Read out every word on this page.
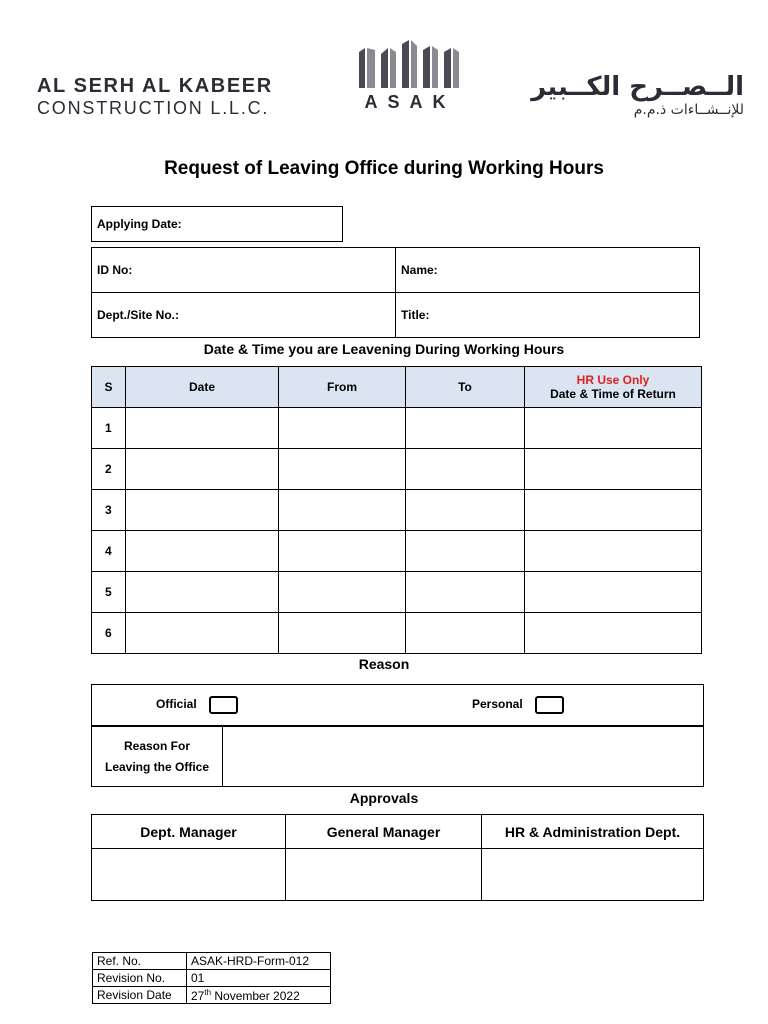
AL SERH AL KABEER
CONSTRUCTION L.L.C.	ASAK	الــصــرح الكــبير
للإنــشــاءات ذ.م.م
Request of Leaving Office during Working Hours
Applying Date:
ID No:	Name:
Dept./Site No.:	Title:
Date & Time you are Leavening During Working Hours
S	Date	From	To	HR Use Only
Date & Time of Return
1				
2				
3				
4				
5				
6				
Reason
Official	Personal

Reason For
Leaving the Office	
Approvals
Dept. Manager	General Manager	HR & Administration Dept.

Ref. No.	ASAK-HRD-Form-012
Revision No.	01
Revision Date	27th November 2022
